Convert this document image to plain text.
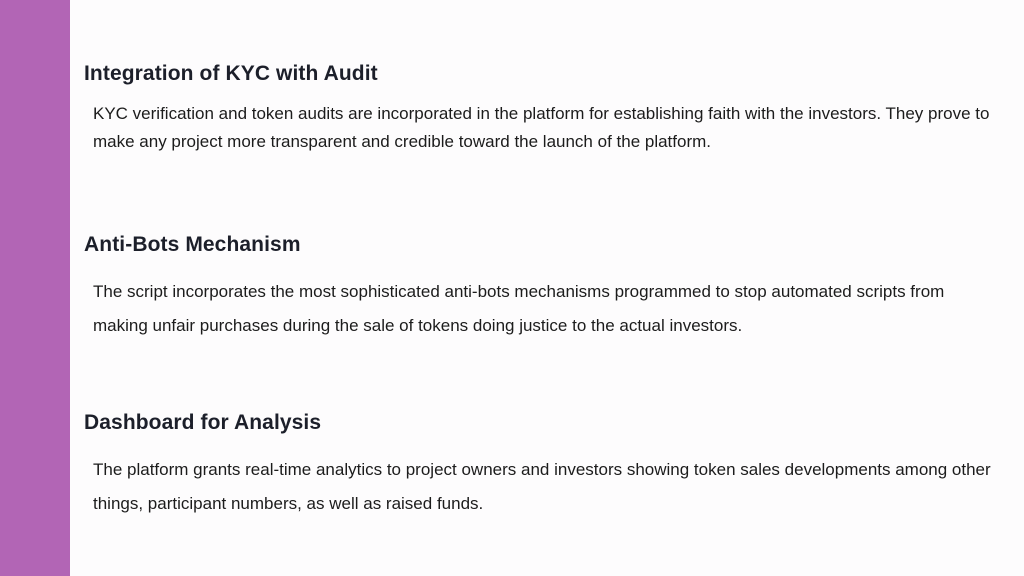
Integration of KYC with Audit

KYC verification and token audits are incorporated in the platform for establishing faith with the investors. They prove to make any project more transparent and credible toward the launch of the platform.

Anti-Bots Mechanism

The script incorporates the most sophisticated anti-bots mechanisms programmed to stop automated scripts from making unfair purchases during the sale of tokens doing justice to the actual investors.

Dashboard for Analysis

The platform grants real-time analytics to project owners and investors showing token sales developments among other things, participant numbers, as well as raised funds.
